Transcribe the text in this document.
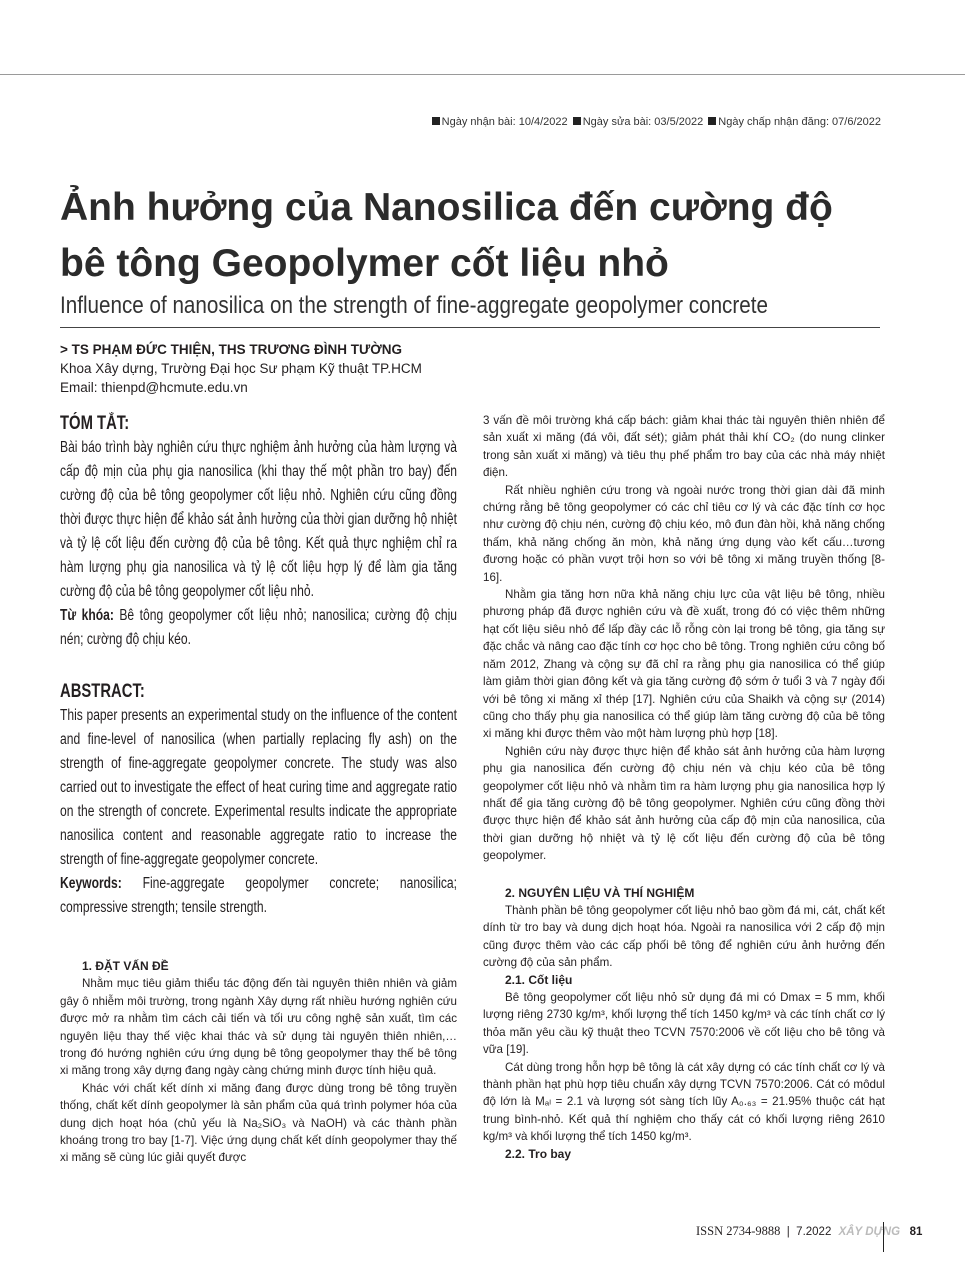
Ngày nhận bài: 10/4/2022 Ngày sửa bài: 03/5/2022 Ngày chấp nhận đăng: 07/6/2022
Ảnh hưởng của Nanosilica đến cường độ
bê tông Geopolymer cốt liệu nhỏ
Influence of nanosilica on the strength of fine-aggregate geopolymer concrete
> TS PHẠM ĐỨC THIỆN, THS TRƯƠNG ĐÌNH TƯỜNG
Khoa Xây dựng, Trường Đại học Sư phạm Kỹ thuật TP.HCM
Email: thienpd@hcmute.edu.vn
TÓM TẮT:

Bài báo trình bày nghiên cứu thực nghiệm ảnh hưởng của hàm lượng và cấp độ mịn của phụ gia nanosilica (khi thay thế một phần tro bay) đến cường độ của bê tông geopolymer cốt liệu nhỏ. Nghiên cứu cũng đồng thời được thực hiện để khảo sát ảnh hưởng của thời gian dưỡng hộ nhiệt và tỷ lệ cốt liệu đến cường độ của bê tông. Kết quả thực nghiệm chỉ ra hàm lượng phụ gia nanosilica và tỷ lệ cốt liệu hợp lý để làm gia tăng cường độ của bê tông geopolymer cốt liệu nhỏ.

Từ khóa: Bê tông geopolymer cốt liệu nhỏ; nanosilica; cường độ chịu nén; cường độ chịu kéo.

ABSTRACT:

This paper presents an experimental study on the influence of the content and fine-level of nanosilica (when partially replacing fly ash) on the strength of fine-aggregate geopolymer concrete. The study was also carried out to investigate the effect of heat curing time and aggregate ratio on the strength of concrete. Experimental results indicate the appropriate nanosilica content and reasonable aggregate ratio to increase the strength of fine-aggregate geopolymer concrete.

Keywords: Fine-aggregate geopolymer concrete; nanosilica; compressive strength; tensile strength.

1. ĐẶT VẤN ĐỀ

Nhằm mục tiêu giảm thiểu tác động đến tài nguyên thiên nhiên và giảm gây ô nhiễm môi trường, trong ngành Xây dựng rất nhiều hướng nghiên cứu được mở ra nhằm tìm cách cải tiến và tối ưu công nghệ sản xuất, tìm các nguyên liệu thay thế việc khai thác và sử dụng tài nguyên thiên nhiên,… trong đó hướng nghiên cứu ứng dụng bê tông geopolymer thay thế bê tông xi măng trong xây dựng đang ngày càng chứng minh được tính hiệu quả.

Khác với chất kết dính xi măng đang được dùng trong bê tông truyền thống, chất kết dính geopolymer là sản phẩm của quá trình polymer hóa của dung dịch hoạt hóa (chủ yếu là Na₂SiO₃ và NaOH) và các thành phần khoáng trong tro bay [1-7]. Việc ứng dụng chất kết dính geopolymer thay thế xi măng sẽ cùng lúc giải quyết được

3 vấn đề môi trường khá cấp bách: giảm khai thác tài nguyên thiên nhiên để sản xuất xi măng (đá vôi, đất sét); giảm phát thải khí CO₂ (do nung clinker trong sản xuất xi măng) và tiêu thụ phế phẩm tro bay của các nhà máy nhiệt điện.

Rất nhiều nghiên cứu trong và ngoài nước trong thời gian dài đã minh chứng rằng bê tông geopolymer có các chỉ tiêu cơ lý và các đặc tính cơ học như cường độ chịu nén, cường độ chịu kéo, mô đun đàn hồi, khả năng chống thấm, khả năng chống ăn mòn, khả năng ứng dụng vào kết cấu…tương đương hoặc có phần vượt trội hơn so với bê tông xi măng truyền thống [8-16].

Nhằm gia tăng hơn nữa khả năng chịu lực của vật liệu bê tông, nhiều phương pháp đã được nghiên cứu và đề xuất, trong đó có việc thêm những hạt cốt liệu siêu nhỏ để lấp đầy các lỗ rỗng còn lại trong bê tông, gia tăng sự đặc chắc và nâng cao đặc tính cơ học cho bê tông. Trong nghiên cứu công bố năm 2012, Zhang và cộng sự đã chỉ ra rằng phụ gia nanosilica có thể giúp làm giảm thời gian đông kết và gia tăng cường độ sớm ở tuổi 3 và 7 ngày đối với bê tông xi măng xỉ thép [17]. Nghiên cứu của Shaikh và cộng sự (2014) cũng cho thấy phụ gia nanosilica có thể giúp làm tăng cường độ của bê tông xi măng khi được thêm vào một hàm lượng phù hợp [18].

Nghiên cứu này được thực hiện để khảo sát ảnh hưởng của hàm lượng phụ gia nanosilica đến cường độ chịu nén và chịu kéo của bê tông geopolymer cốt liệu nhỏ và nhằm tìm ra hàm lượng phụ gia nanosilica hợp lý nhất để gia tăng cường độ bê tông geopolymer. Nghiên cứu cũng đồng thời được thực hiện để khảo sát ảnh hưởng của cấp độ mịn của nanosilica, của thời gian dưỡng hộ nhiệt và tỷ lệ cốt liệu đến cường độ của bê tông geopolymer.

2. NGUYÊN LIỆU VÀ THÍ NGHIỆM

Thành phần bê tông geopolymer cốt liệu nhỏ bao gồm đá mi, cát, chất kết dính từ tro bay và dung dịch hoạt hóa. Ngoài ra nanosilica với 2 cấp độ mịn cũng được thêm vào các cấp phối bê tông để nghiên cứu ảnh hưởng đến cường độ của sản phẩm.

2.1. Cốt liệu

Bê tông geopolymer cốt liệu nhỏ sử dụng đá mi có Dmax = 5 mm, khối lượng riêng 2730 kg/m³, khối lượng thể tích 1450 kg/m³ và các tính chất cơ lý thỏa mãn yêu cầu kỹ thuật theo TCVN 7570:2006 về cốt liệu cho bê tông và vữa [19].

Cát dùng trong hỗn hợp bê tông là cát xây dựng có các tính chất cơ lý và thành phần hạt phù hợp tiêu chuẩn xây dựng TCVN 7570:2006. Cát có môdul độ lớn là Mₐₗ = 2.1 và lượng sót sàng tích lũy A₀.₆₃ = 21.95% thuộc cát hạt trung bình-nhỏ. Kết quả thí nghiệm cho thấy cát có khối lượng riêng 2610 kg/m³ và khối lượng thể tích 1450 kg/m³.

2.2. Tro bay
ISSN 2734-9888 | 7.2022 XÂY DỰNG 81
